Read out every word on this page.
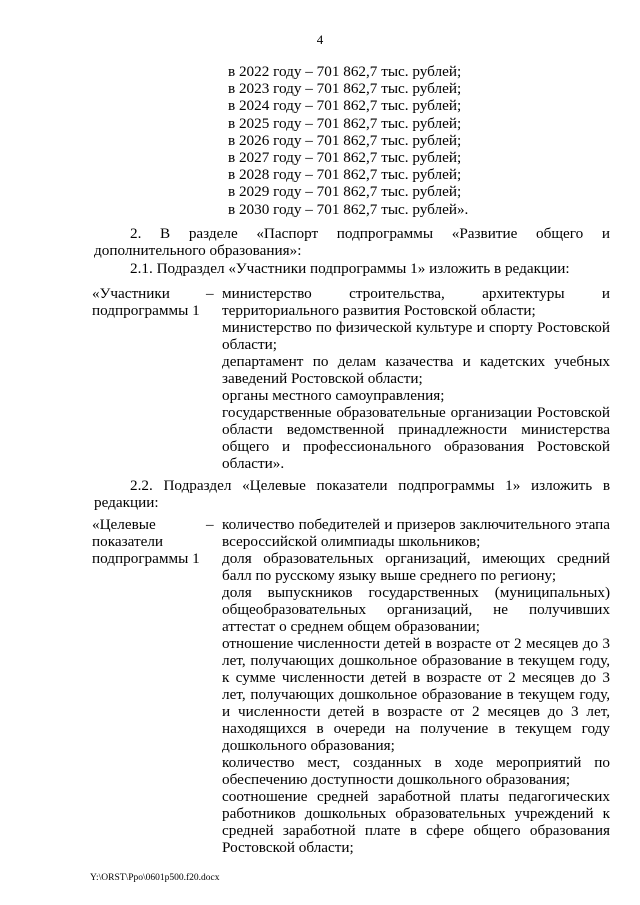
4
в 2022 году – 701 862,7 тыс. рублей;
в 2023 году – 701 862,7 тыс. рублей;
в 2024 году – 701 862,7 тыс. рублей;
в 2025 году – 701 862,7 тыс. рублей;
в 2026 году – 701 862,7 тыс. рублей;
в 2027 году – 701 862,7 тыс. рублей;
в 2028 году – 701 862,7 тыс. рублей;
в 2029 году – 701 862,7 тыс. рублей;
в 2030 году – 701 862,7 тыс. рублей».
2. В разделе «Паспорт подпрограммы «Развитие общего и дополнительного образования»:
2.1. Подраздел «Участники подпрограммы 1» изложить в редакции:
«Участники подпрограммы 1
– министерство строительства, архитектуры и территориального развития Ростовской области;

министерство по физической культуре и спорту Ростовской области;

департамент по делам казачества и кадетских учебных заведений Ростовской области;

органы местного самоуправления;

государственные образовательные организации Ростовской области ведомственной принадлежности министерства общего и профессионального образования Ростовской области».

2.2. Подраздел «Целевые показатели подпрограммы 1» изложить в редакции:
«Целевые показатели подпрограммы 1
– количество победителей и призеров заключительного этапа всероссийской олимпиады школьников;

доля образовательных организаций, имеющих средний балл по русскому языку выше среднего по региону;

доля выпускников государственных (муниципальных) общеобразовательных организаций, не получивших аттестат о среднем общем образовании;

отношение численности детей в возрасте от 2 месяцев до 3 лет, получающих дошкольное образование в текущем году, к сумме численности детей в возрасте от 2 месяцев до 3 лет, получающих дошкольное образование в текущем году, и численности детей в возрасте от 2 месяцев до 3 лет, находящихся в очереди на получение в текущем году дошкольного образования;

количество мест, созданных в ходе мероприятий по обеспечению доступности дошкольного образования;

соотношение средней заработной платы педагогических работников дошкольных образовательных учреждений к средней заработной плате в сфере общего образования Ростовской области;

Y:\ORST\Ppo\0601p500.f20.docx
